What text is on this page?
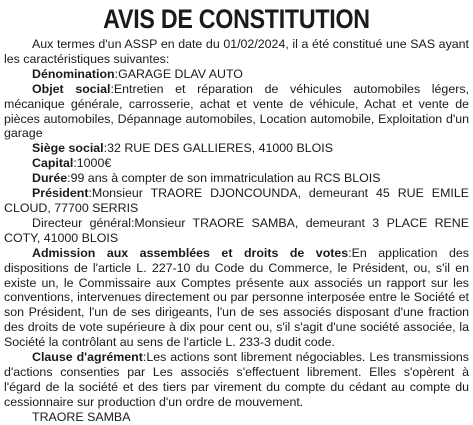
AVIS DE CONSTITUTION

Aux termes d'un ASSP en date du 01/02/2024, il a été constitué une SAS ayant les caractéristiques suivantes:

Dénomination:GARAGE DLAV AUTO

Objet social:Entretien et réparation de véhicules automobiles légers, mécanique générale, carrosserie, achat et vente de véhicule, Achat et vente de pièces automobiles, Dépannage automobiles, Location automobile, Exploitation d'un garage

Siège social:32 RUE DES GALLIERES, 41000 BLOIS

Capital:1000€

Durée:99 ans à compter de son immatriculation au RCS BLOIS

Président:Monsieur TRAORE DJONCOUNDA, demeurant 45 RUE EMILE CLOUD, 77700 SERRIS

Directeur général:Monsieur TRAORE SAMBA, demeurant 3 PLACE RENE COTY, 41000 BLOIS

Admission aux assemblées et droits de votes:En application des dispositions de l'article L. 227-10 du Code du Commerce, le Président, ou, s'il en existe un, le Commissaire aux Comptes présente aux associés un rapport sur les conventions, intervenues directement ou par personne interposée entre le Société et son Président, l'un de ses dirigeants, l'un de ses associés disposant d'une fraction des droits de vote supérieure à dix pour cent ou, s'il s'agit d'une société associée, la Société la contrôlant au sens de l'article L. 233-3 dudit code.

Clause d'agrément:Les actions sont librement négociables. Les transmissions d'actions consenties par Les associés s'effectuent librement. Elles s'opèrent à l'égard de la société et des tiers par virement du compte du cédant au compte du cessionnaire sur production d'un ordre de mouvement.

TRAORE SAMBA
